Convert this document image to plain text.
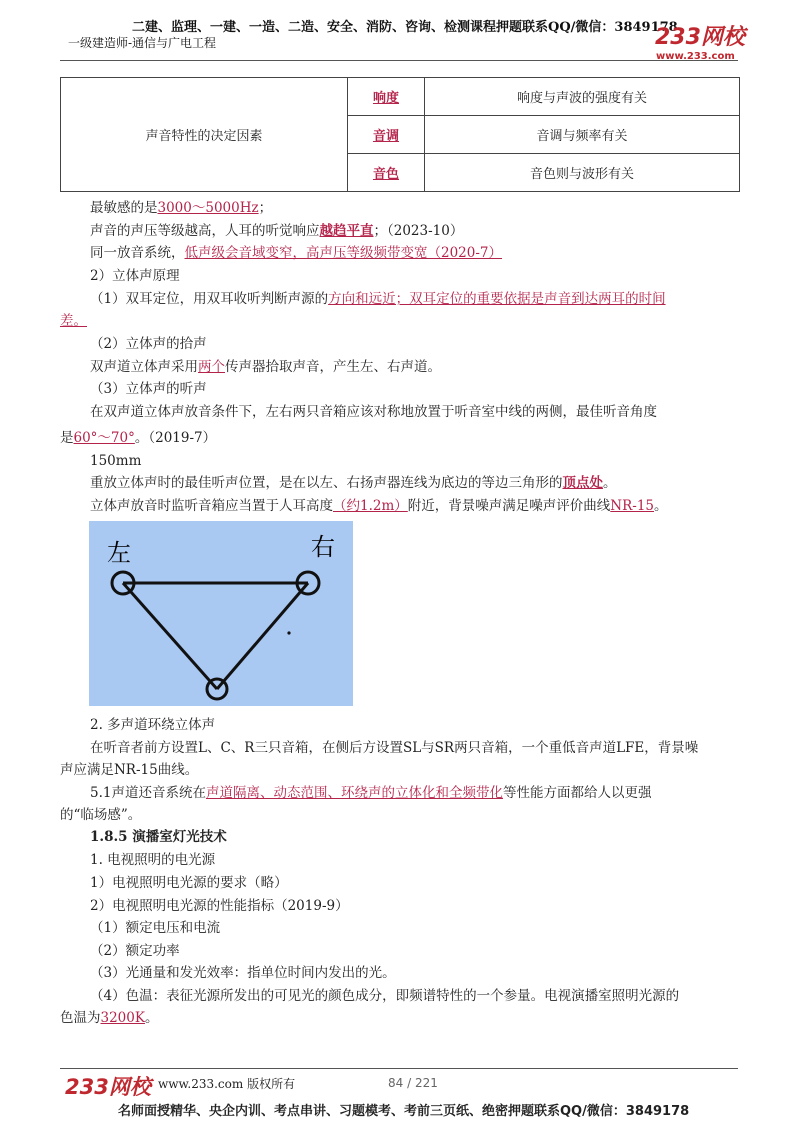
二建、监理、一建、一造、二造、安全、消防、咨询、检测课程押题联系QQ/微信：3849178
一级建造师-通信与广电工程	233网校$^{www.233.com}$
声音特性的决定因素	响度	响度与声波的强度有关
	音调	音调与频率有关
	音色	音色则与波形有关
最敏感的是3000～5000Hz；
声音的声压等级越高，人耳的听觉响应越趋平直；（2023-10）
同一放音系统，低声级会音域变窄，高声压等级频带变宽（2020-7）
2）立体声原理
（1）双耳定位，用双耳收听判断声源的方向和远近；双耳定位的重要依据是声音到达两耳的时间
差。
（2）立体声的拾声
双声道立体声采用两个传声器拾取声音，产生左、右声道。
（3）立体声的听声
在双声道立体声放音条件下，左右两只音箱应该对称地放置于听音室中线的两侧，最佳听音角度
是60°～70°。（2019-7）
150mm
重放立体声时的最佳听声位置，是在以左、右扬声器连线为底边的等边三角形的顶点处。
立体声放音时监听音箱应当置于人耳高度（约1.2m）附近，背景噪声满足噪声评价曲线NR-15。
左	右
2. 多声道环绕立体声
在听音者前方设置L、C、R三只音箱，在侧后方设置SL与SR两只音箱，一个重低音声道LFE，背景噪
声应满足NR-15曲线。
5.1声道还音系统在声道隔离、动态范围、环绕声的立体化和全频带化等性能方面都给人以更强
的“临场感”。
1.8.5 演播室灯光技术
1. 电视照明的电光源
1）电视照明电光源的要求（略）
2）电视照明电光源的性能指标（2019-9）
（1）额定电压和电流
（2）额定功率
（3）光通量和发光效率：指单位时间内发出的光。
（4）色温：表征光源所发出的可见光的颜色成分，即频谱特性的一个参量。电视演播室照明光源的
色温为3200K。
233网校 www.233.com 版权所有	84 / 221
名师面授精华、央企内训、考点串讲、习题模考、考前三页纸、绝密押题联系QQ/微信：3849178
